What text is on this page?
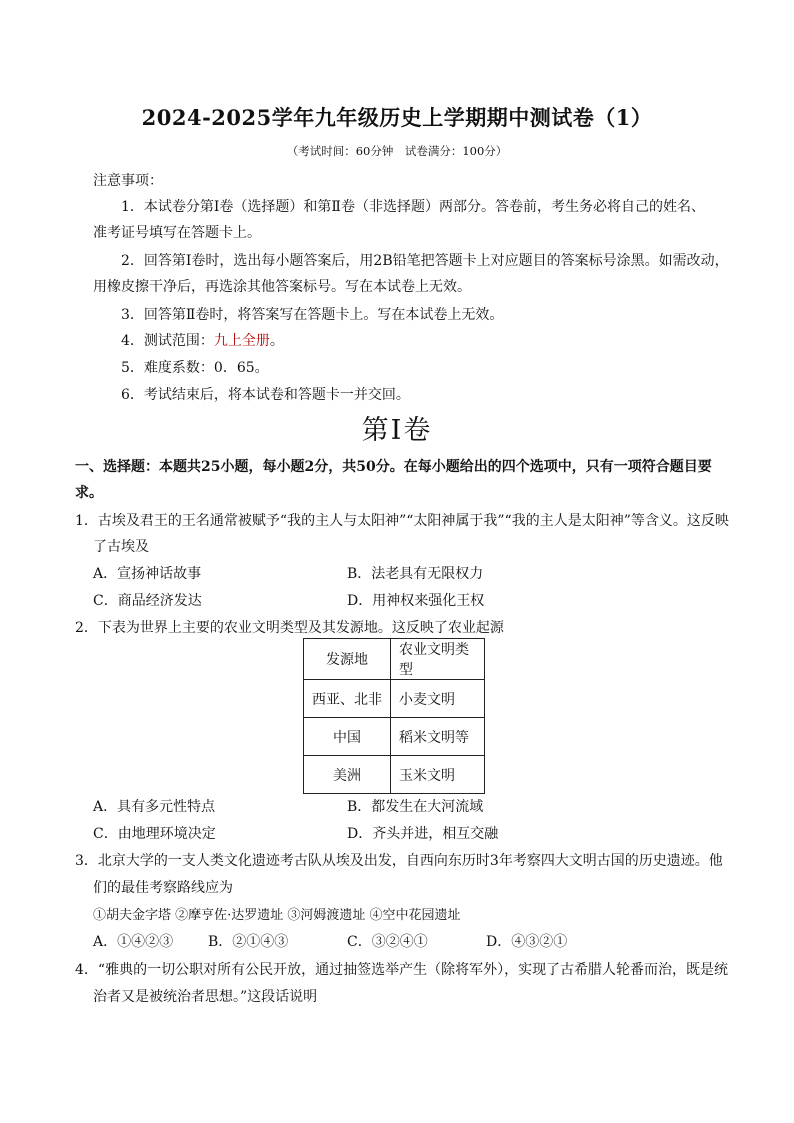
2024-2025学年九年级历史上学期期中测试卷（1）
（考试时间：60分钟　试卷满分：100分）
注意事项：
1．本试卷分第Ⅰ卷（选择题）和第Ⅱ卷（非选择题）两部分。答卷前，考生务必将自己的姓名、
准考证号填写在答题卡上。
2．回答第Ⅰ卷时，选出每小题答案后，用2B铅笔把答题卡上对应题目的答案标号涂黑。如需改动，
用橡皮擦干净后，再选涂其他答案标号。写在本试卷上无效。
3．回答第Ⅱ卷时，将答案写在答题卡上。写在本试卷上无效。
4．测试范围：九上全册。
5．难度系数：0．65。
6．考试结束后，将本试卷和答题卡一并交回。
第Ⅰ卷
一、选择题：本题共25小题，每小题2分，共50分。在每小题给出的四个选项中，只有一项符合题目要
求。
1．古埃及君王的王名通常被赋予“我的主人与太阳神”“太阳神属于我”“我的主人是太阳神”等含义。这反映
了古埃及
A．宣扬神话故事	B．法老具有无限权力
C．商品经济发达	D．用神权来强化王权
2．下表为世界上主要的农业文明类型及其发源地。这反映了农业起源
发源地	农业文明类型
西亚、北非	小麦文明
中国	稻米文明等
美洲	玉米文明
A．具有多元性特点	B．都发生在大河流域
C．由地理环境决定	D．齐头并进，相互交融
3．北京大学的一支人类文化遗迹考古队从埃及出发，自西向东历时3年考察四大文明古国的历史遗迹。他
们的最佳考察路线应为
①胡夫金字塔 ②摩亨佐·达罗遗址 ③河姆渡遗址 ④空中花园遗址
A．①④②③ B．②①④③	C．③②④①	D．④③②①
4．“雅典的一切公职对所有公民开放，通过抽签选举产生（除将军外），实现了古希腊人轮番而治，既是统
治者又是被统治者思想。”这段话说明
